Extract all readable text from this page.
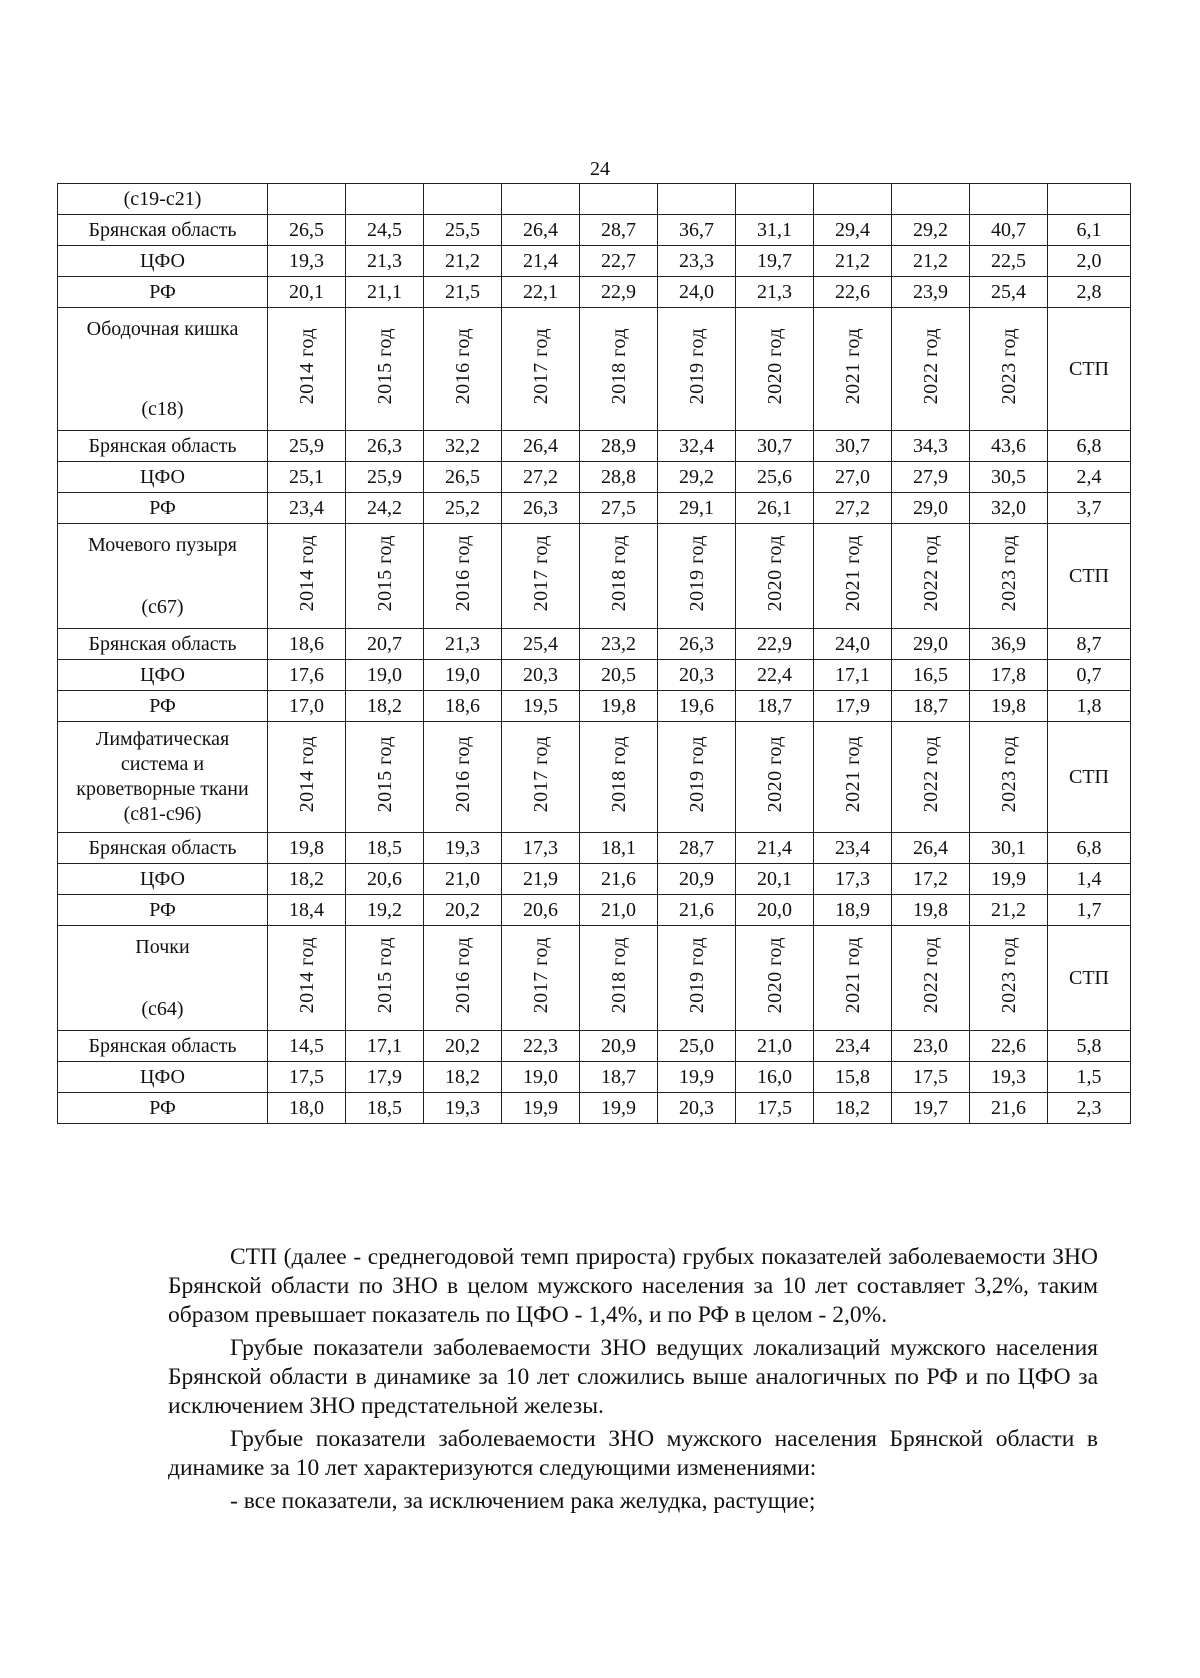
24
(c19-c21)											
Брянская область	26,5	24,5	25,5	26,4	28,7	36,7	31,1	29,4	29,2	40,7	6,1
ЦФО	19,3	21,3	21,2	21,4	22,7	23,3	19,7	21,2	21,2	22,5	2,0
РФ	20,1	21,1	21,5	22,1	22,9	24,0	21,3	22,6	23,9	25,4	2,8

Ободочная кишка
(c18)	2014 год	2015 год	2016 год	2017 год	2018 год	2019 год	2020 год	2021 год	2022 год	2023 год	СТП
Брянская область	25,9	26,3	32,2	26,4	28,9	32,4	30,7	30,7	34,3	43,6	6,8
ЦФО	25,1	25,9	26,5	27,2	28,8	29,2	25,6	27,0	27,9	30,5	2,4
РФ	23,4	24,2	25,2	26,3	27,5	29,1	26,1	27,2	29,0	32,0	3,7

Мочевого пузыря
(c67)	2014 год	2015 год	2016 год	2017 год	2018 год	2019 год	2020 год	2021 год	2022 год	2023 год	СТП
Брянская область	18,6	20,7	21,3	25,4	23,2	26,3	22,9	24,0	29,0	36,9	8,7
ЦФО	17,6	19,0	19,0	20,3	20,5	20,3	22,4	17,1	16,5	17,8	0,7
РФ	17,0	18,2	18,6	19,5	19,8	19,6	18,7	17,9	18,7	19,8	1,8

Лимфатическая
система и
кроветворные ткани
(c81-c96)	2014 год	2015 год	2016 год	2017 год	2018 год	2019 год	2020 год	2021 год	2022 год	2023 год	СТП
Брянская область	19,8	18,5	19,3	17,3	18,1	28,7	21,4	23,4	26,4	30,1	6,8
ЦФО	18,2	20,6	21,0	21,9	21,6	20,9	20,1	17,3	17,2	19,9	1,4
РФ	18,4	19,2	20,2	20,6	21,0	21,6	20,0	18,9	19,8	21,2	1,7

Почки
(c64)	2014 год	2015 год	2016 год	2017 год	2018 год	2019 год	2020 год	2021 год	2022 год	2023 год	СТП
Брянская область	14,5	17,1	20,2	22,3	20,9	25,0	21,0	23,4	23,0	22,6	5,8
ЦФО	17,5	17,9	18,2	19,0	18,7	19,9	16,0	15,8	17,5	19,3	1,5
РФ	18,0	18,5	19,3	19,9	19,9	20,3	17,5	18,2	19,7	21,6	2,3

СТП (далее - среднегодовой темп прироста) грубых показателей заболеваемости ЗНО Брянской области по ЗНО в целом мужского населения за 10 лет составляет 3,2%, таким образом превышает показатель по ЦФО - 1,4%, и по РФ в целом - 2,0%.

Грубые показатели заболеваемости ЗНО ведущих локализаций мужского населения Брянской области в динамике за 10 лет сложились выше аналогичных по РФ и по ЦФО за исключением ЗНО предстательной железы.

Грубые показатели заболеваемости ЗНО мужского населения Брянской области в динамике за 10 лет характеризуются следующими изменениями:

- все показатели, за исключением рака желудка, растущие;
